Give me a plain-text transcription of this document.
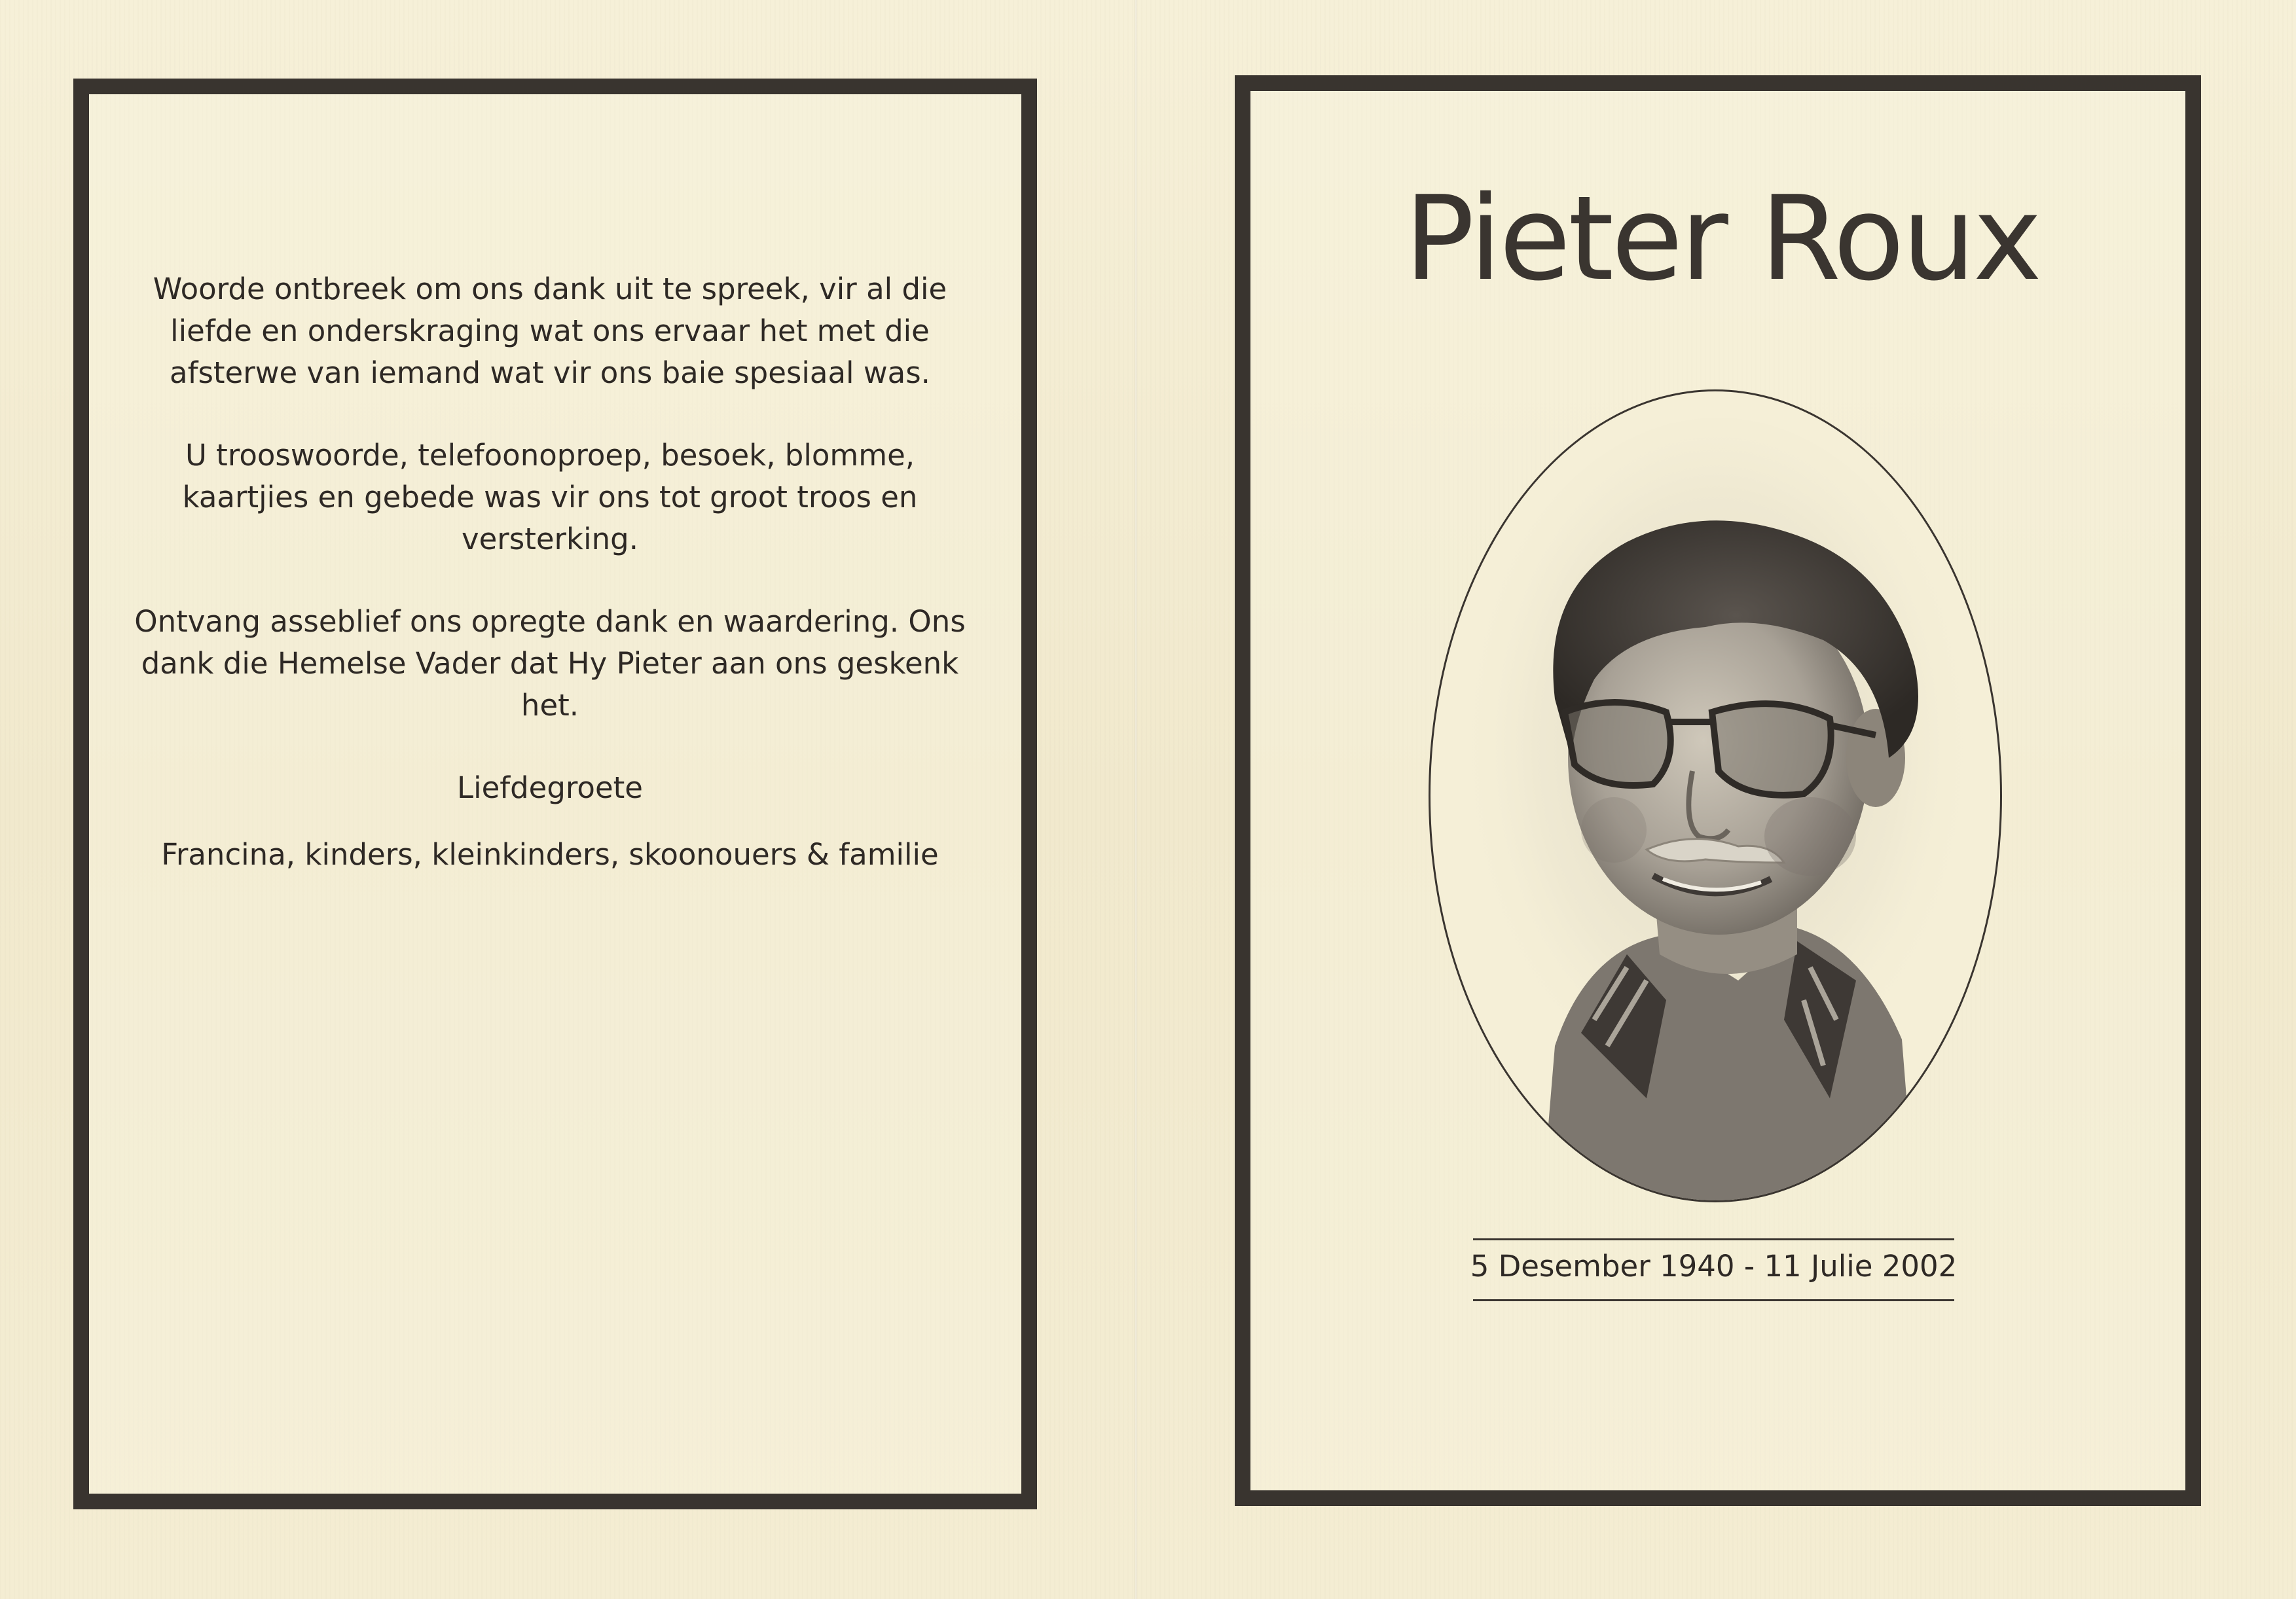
Woorde ontbreek om ons dank uit te spreek, vir al die liefde en onderskraging wat ons ervaar het met die afsterwe van iemand wat vir ons baie spesiaal was.

U trooswoorde, telefoonoproep, besoek, blomme, kaartjies en gebede was vir ons tot groot troos en versterking.

Ontvang asseblief ons opregte dank en waardering. Ons dank die Hemelse Vader dat Hy Pieter aan ons geskenk het.

Liefdegroete

Francina, kinders, kleinkinders, skoonouers & familie

Pieter Roux
5 Desember 1940 - 11 Julie 2002
